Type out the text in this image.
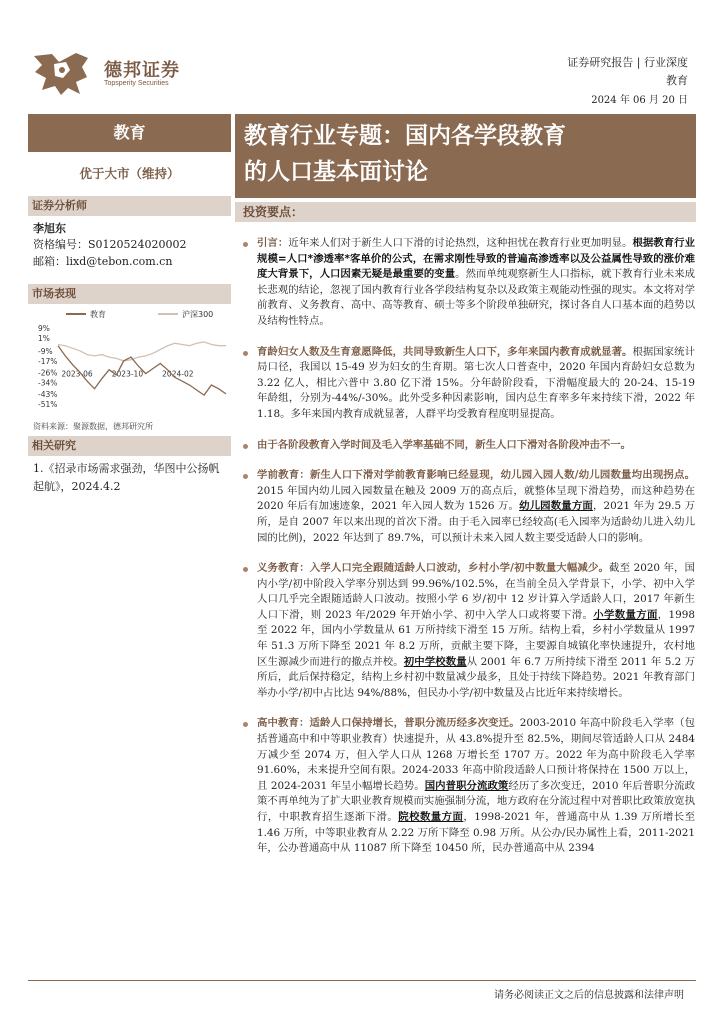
德邦证券
Topsperity Securities
证券研究报告 | 行业深度
教育
2024 年 06 月 20 日
教育	教育行业专题：国内各学段教育
的人口基本面讨论
优于大市（维持）
证券分析师
李旭东
资格编号：S0120524020002
邮箱：lixd@tebon.com.cn
市场表现
教育	沪深300
9%
1%
-9%
-17%
-26%
-34%
-43%
-51%
2023-06	2023-10	2024-02
资料来源：聚源数据，德邦研究所
相关研究
1.《招录市场需求强劲，华图中公扬帆起航》，2024.4.2
投资要点：
引言：近年来人们对于新生人口下滑的讨论热烈，这种担忧在教育行业更加明显。根据教育行业规模=人口*渗透率*客单价的公式，在需求刚性导致的普遍高渗透率以及公益属性导致的涨价难度大背景下，人口因素无疑是最重要的变量。然而单纯观察新生人口指标，就下教育行业未来成长悲观的结论，忽视了国内教育行业各学段结构复杂以及政策主观能动性强的现实。本文将对学前教育、义务教育、高中、高等教育、硕士等多个阶段单独研究，探讨各自人口基本面的趋势以及结构性特点。
育龄妇女人数及生育意愿降低，共同导致新生人口下，多年来国内教育成就显著。根据国家统计局口径，我国以 15-49 岁为妇女的生育期。第七次人口普查中，2020 年国内育龄妇女总数为 3.22 亿人，相比六普中 3.80 亿下滑 15%。分年龄阶段看，下滑幅度最大的 20-24、15-19 年龄组，分别为-44%/-30%。此外受多种因素影响，国内总生育率多年来持续下滑，2022 年 1.18。多年来国内教育成就显著，人群平均受教育程度明显提高。
由于各阶段教育入学时间及毛入学率基础不同，新生人口下滑对各阶段冲击不一。
学前教育：新生人口下滑对学前教育影响已经显现，幼儿园入园人数/幼儿园数量均出现拐点。2015 年国内幼儿园入园数量在触及 2009 万的高点后，就整体呈现下滑趋势，而这种趋势在 2020 年后有加速迹象，2021 年入园人数为 1526 万。幼儿园数量方面，2021 年为 29.5 万所，是自 2007 年以来出现的首次下滑。由于毛入园率已经较高(毛入园率为适龄幼儿进入幼儿园的比例)，2022 年达到了 89.7%，可以预计未来入园人数主要受适龄人口的影响。
义务教育：入学人口完全跟随适龄人口波动，乡村小学/初中数量大幅减少。截至 2020 年，国内小学/初中阶段入学率分别达到 99.96%/102.5%，在当前全员入学背景下，小学、初中入学人口几乎完全跟随适龄人口波动。按照小学 6 岁/初中 12 岁计算入学适龄人口，2017 年新生人口下滑，则 2023 年/2029 年开始小学、初中入学人口或将要下滑。小学数量方面，1998 至 2022 年，国内小学数量从 61 万所持续下滑至 15 万所。结构上看，乡村小学数量从 1997 年 51.3 万所下降至 2021 年 8.2 万所，贡献主要下降，主要源自城镇化率快速提升，农村地区生源减少而进行的撤点并校。初中学校数量从 2001 年 6.7 万所持续下滑至 2011 年 5.2 万所后，此后保持稳定，结构上乡村初中数量减少最多，且处于持续下降趋势。2021 年教育部门举办小学/初中占比达 94%/88%，但民办小学/初中数量及占比近年来持续增长。
高中教育：适龄人口保持增长，普职分流历经多次变迁。2003-2010 年高中阶段毛入学率（包括普通高中和中等职业教育）快速提升，从 43.8%提升至 82.5%，期间尽管适龄人口从 2484 万减少至 2074 万，但入学人口从 1268 万增长至 1707 万。2022 年为高中阶段毛入学率 91.60%，未来提升空间有限。2024-2033 年高中阶段适龄人口预计将保持在 1500 万以上，且 2024-2031 年呈小幅增长趋势。国内普职分流政策经历了多次变迁，2010 年后普职分流政策不再单纯为了扩大职业教育规模而实施强制分流，地方政府在分流过程中对普职比政策放宽执行，中职教育招生逐渐下滑。院校数量方面，1998-2021 年，普通高中从 1.39 万所增长至 1.46 万所，中等职业教育从 2.22 万所下降至 0.98 万所。从公办/民办属性上看，2011-2021 年，公办普通高中从 11087 所下降至 10450 所，民办普通高中从 2394
请务必阅读正文之后的信息披露和法律声明
